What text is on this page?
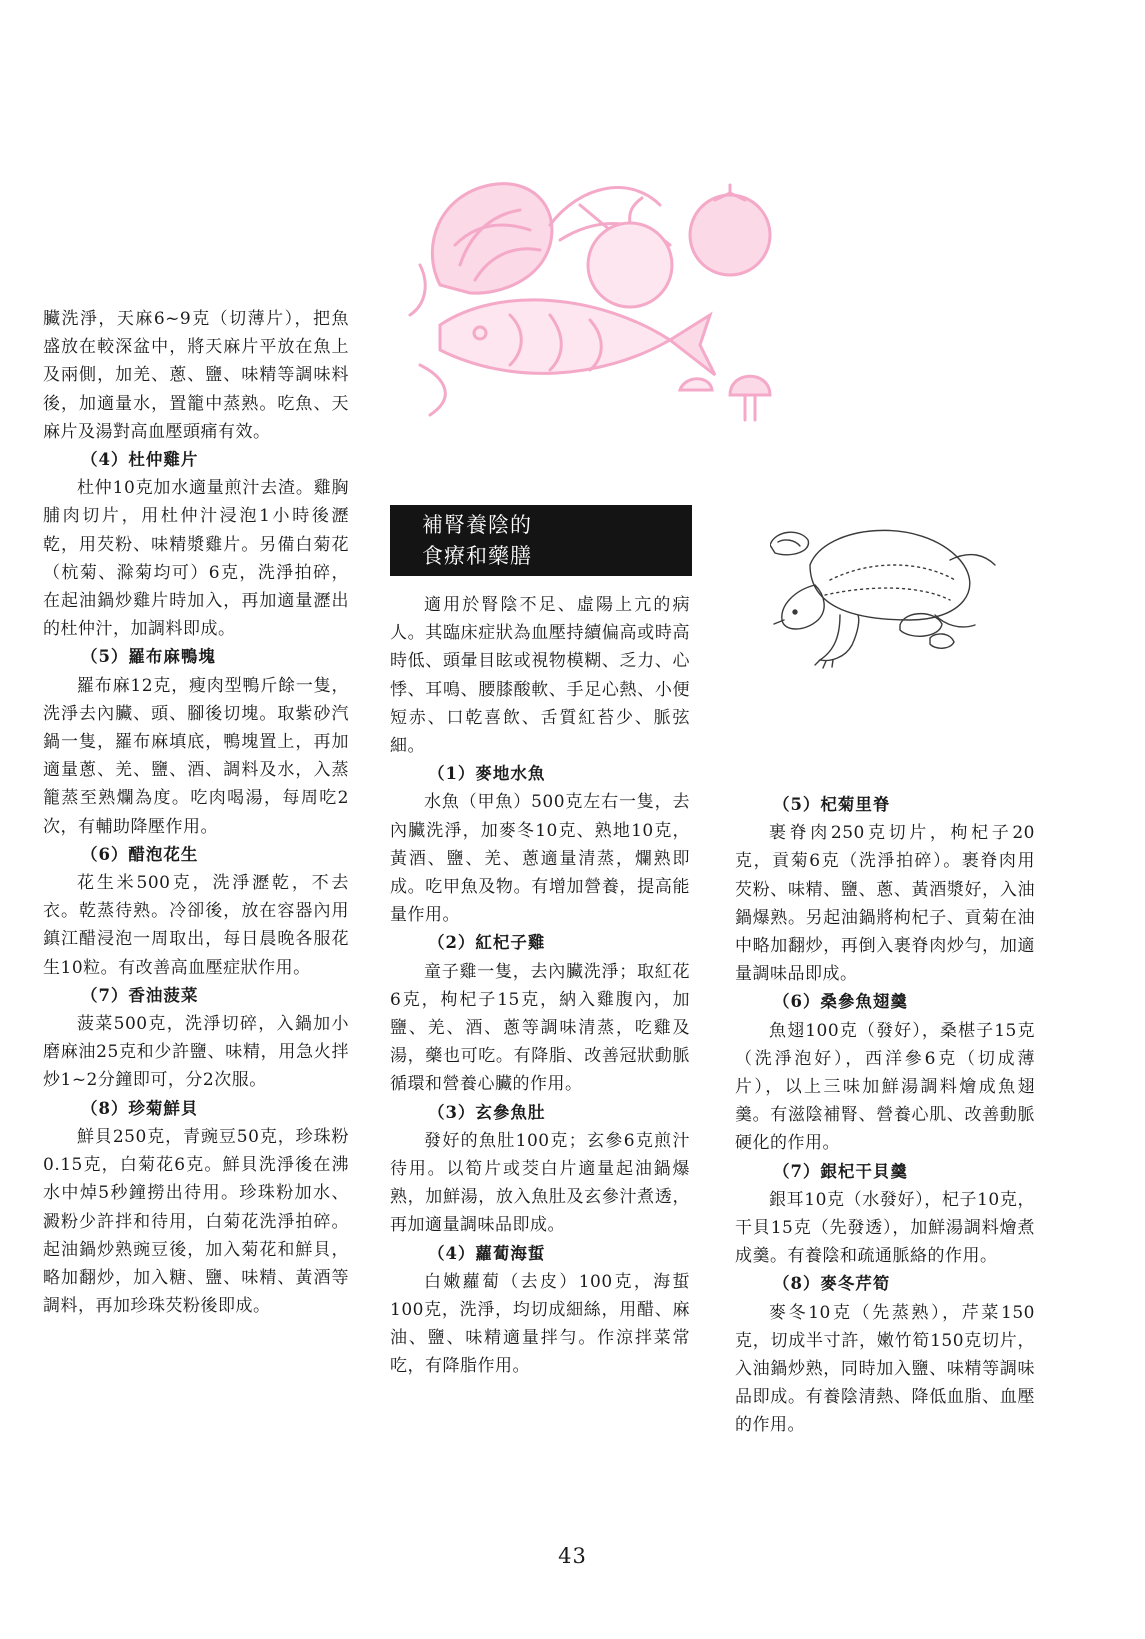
臟洗淨，天麻6~9克（切薄片），把魚盛放在較深盆中，將天麻片平放在魚上及兩側，加羌、蔥、鹽、味精等調味料後，加適量水，置籠中蒸熟。吃魚、天麻片及湯對高血壓頭痛有效。

（4）杜仲雞片

杜仲10克加水適量煎汁去渣。雞胸脯肉切片，用杜仲汁浸泡1小時後瀝乾，用芡粉、味精漿雞片。另備白菊花（杭菊、滁菊均可）6克，洗淨拍碎，在起油鍋炒雞片時加入，再加適量瀝出的杜仲汁，加調料即成。

（5）羅布麻鴨塊

羅布麻12克，瘦肉型鴨斤餘一隻，洗淨去內臟、頭、腳後切塊。取紫砂汽鍋一隻，羅布麻填底，鴨塊置上，再加適量蔥、羌、鹽、酒、調料及水，入蒸籠蒸至熟爛為度。吃肉喝湯，每周吃2次，有輔助降壓作用。

（6）醋泡花生

花生米500克，洗淨瀝乾，不去衣。乾蒸待熟。冷卻後，放在容器內用鎮江醋浸泡一周取出，每日晨晚各服花生10粒。有改善高血壓症狀作用。

（7）香油菠菜

菠菜500克，洗淨切碎，入鍋加小磨麻油25克和少許鹽、味精，用急火拌炒1~2分鐘即可，分2次服。

（8）珍菊鮮貝

鮮貝250克，青豌豆50克，珍珠粉0.15克，白菊花6克。鮮貝洗淨後在沸水中焯5秒鐘撈出待用。珍珠粉加水、澱粉少許拌和待用，白菊花洗淨拍碎。起油鍋炒熟豌豆後，加入菊花和鮮貝，略加翻炒，加入糖、鹽、味精、黃酒等調料，再加珍珠芡粉後即成。

補腎養陰的
食療和藥膳

適用於腎陰不足、虛陽上亢的病人。其臨床症狀為血壓持續偏高或時高時低、頭暈目眩或視物模糊、乏力、心悸、耳鳴、腰膝酸軟、手足心熱、小便短赤、口乾喜飲、舌質紅苔少、脈弦細。

（1）麥地水魚

水魚（甲魚）500克左右一隻，去內臟洗淨，加麥冬10克、熟地10克，黃酒、鹽、羌、蔥適量清蒸，爛熟即成。吃甲魚及物。有增加營養，提高能量作用。

（2）紅杞子雞

童子雞一隻，去內臟洗淨；取紅花6克，枸杞子15克，納入雞腹內，加鹽、羌、酒、蔥等調味清蒸，吃雞及湯，藥也可吃。有降脂、改善冠狀動脈循環和營養心臟的作用。

（3）玄參魚肚

發好的魚肚100克；玄參6克煎汁待用。以筍片或茭白片適量起油鍋爆熟，加鮮湯，放入魚肚及玄參汁煮透，再加適量調味品即成。

（4）蘿蔔海蜇

白嫩蘿蔔（去皮）100克，海蜇100克，洗淨，均切成細絲，用醋、麻油、鹽、味精適量拌勻。作涼拌菜常吃，有降脂作用。

（5）杞菊里脊

裹脊肉250克切片，枸杞子20克，貢菊6克（洗淨拍碎）。裹脊肉用芡粉、味精、鹽、蔥、黃酒漿好，入油鍋爆熟。另起油鍋將枸杞子、貢菊在油中略加翻炒，再倒入裹脊肉炒勻，加適量調味品即成。

（6）桑參魚翅羹

魚翅100克（發好），桑椹子15克（洗淨泡好），西洋參6克（切成薄片），以上三味加鮮湯調料燴成魚翅羹。有滋陰補腎、營養心肌、改善動脈硬化的作用。

（7）銀杞干貝羹

銀耳10克（水發好），杞子10克，干貝15克（先發透），加鮮湯調料燴煮成羹。有養陰和疏通脈絡的作用。

（8）麥冬芹筍

麥冬10克（先蒸熟），芹菜150克，切成半寸許，嫩竹筍150克切片，入油鍋炒熟，同時加入鹽、味精等調味品即成。有養陰清熱、降低血脂、血壓的作用。

43
